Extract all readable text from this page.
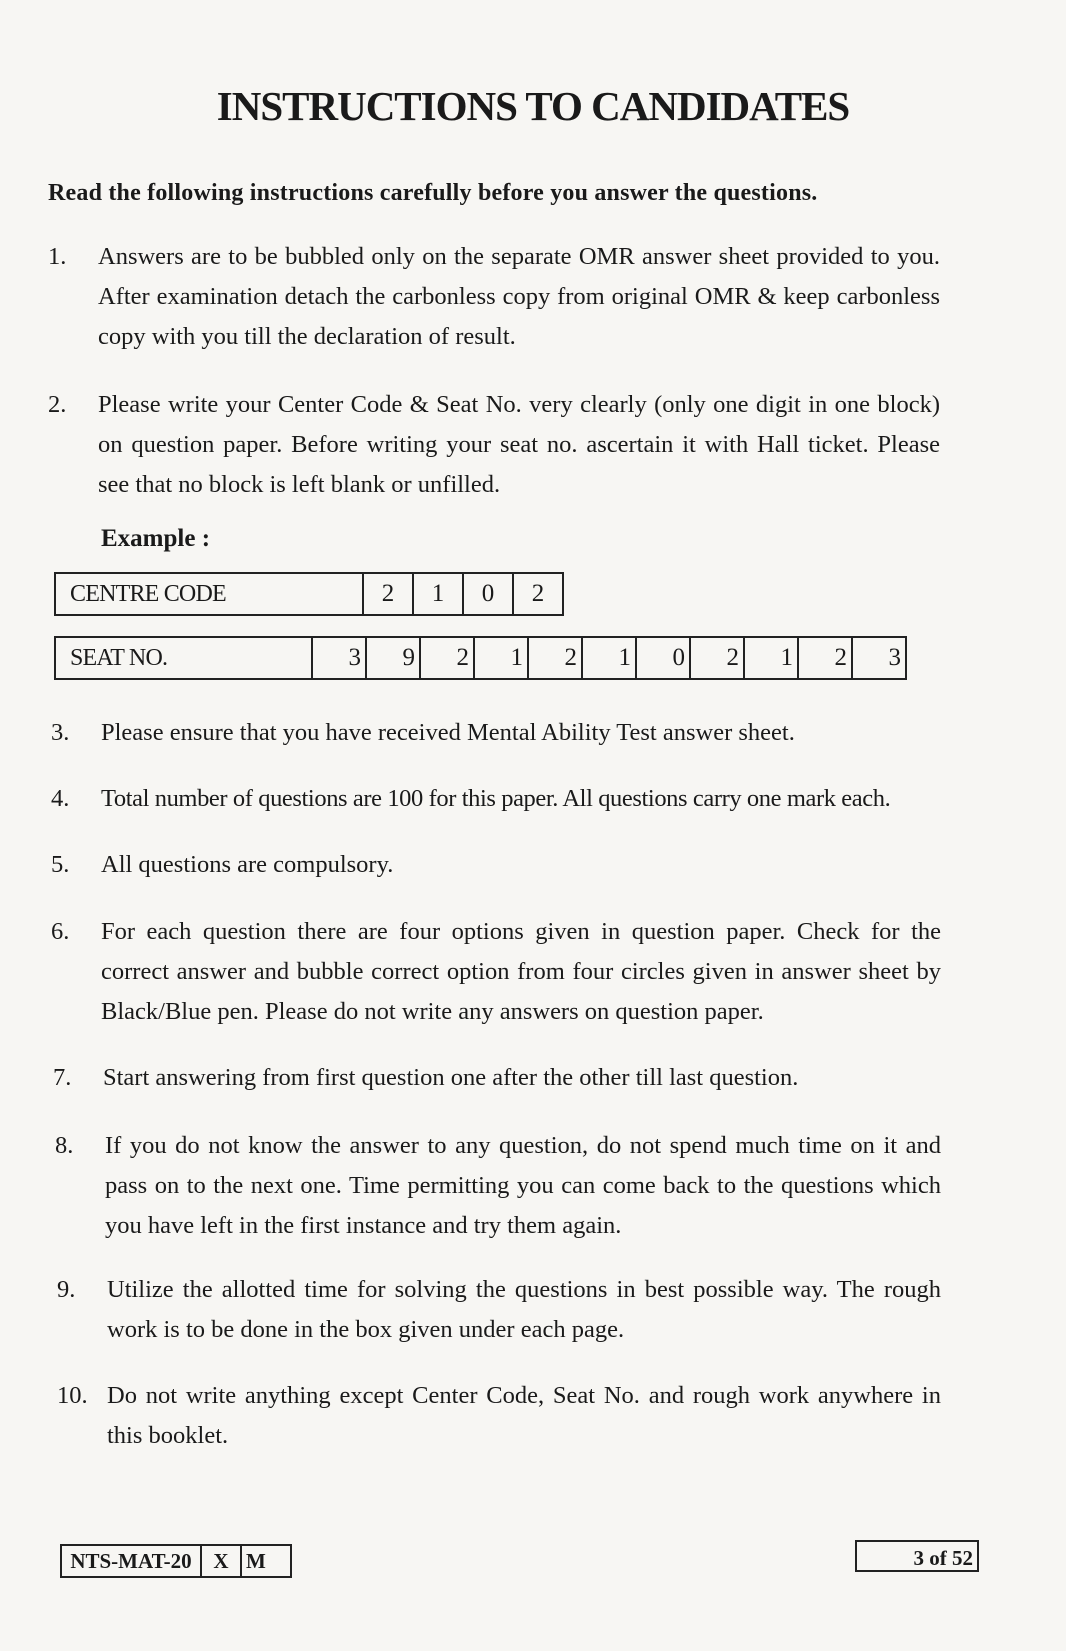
INSTRUCTIONS TO CANDIDATES
Read the following instructions carefully before you answer the questions.
1. Answers are to be bubbled only on the separate OMR answer sheet provided to you. After examination detach the carbonless copy from original OMR & keep carbonless copy with you till the declaration of result.
2. Please write your Center Code & Seat No. very clearly (only one digit in one block) on question paper. Before writing your seat no. ascertain it with Hall ticket. Please see that no block is left blank or unfilled.
Example :
CENTRE CODE	2	1	0	2
SEAT NO.	3	9	2	1	2	1	0	2	1	2	3
3. Please ensure that you have received Mental Ability Test answer sheet.
4. Total number of questions are 100 for this paper. All questions carry one mark each.
5. All questions are compulsory.
6. For each question there are four options given in question paper. Check for the correct answer and bubble correct option from four circles given in answer sheet by Black/Blue pen. Please do not write any answers on question paper.
7. Start answering from first question one after the other till last question.
8. If you do not know the answer to any question, do not spend much time on it and pass on to the next one. Time permitting you can come back to the questions which you have left in the first instance and try them again.
9. Utilize the allotted time for solving the questions in best possible way. The rough work is to be done in the box given under each page.
10. Do not write anything except Center Code, Seat No. and rough work anywhere in this booklet.
NTS-MAT-20	X	M	3 of 52
